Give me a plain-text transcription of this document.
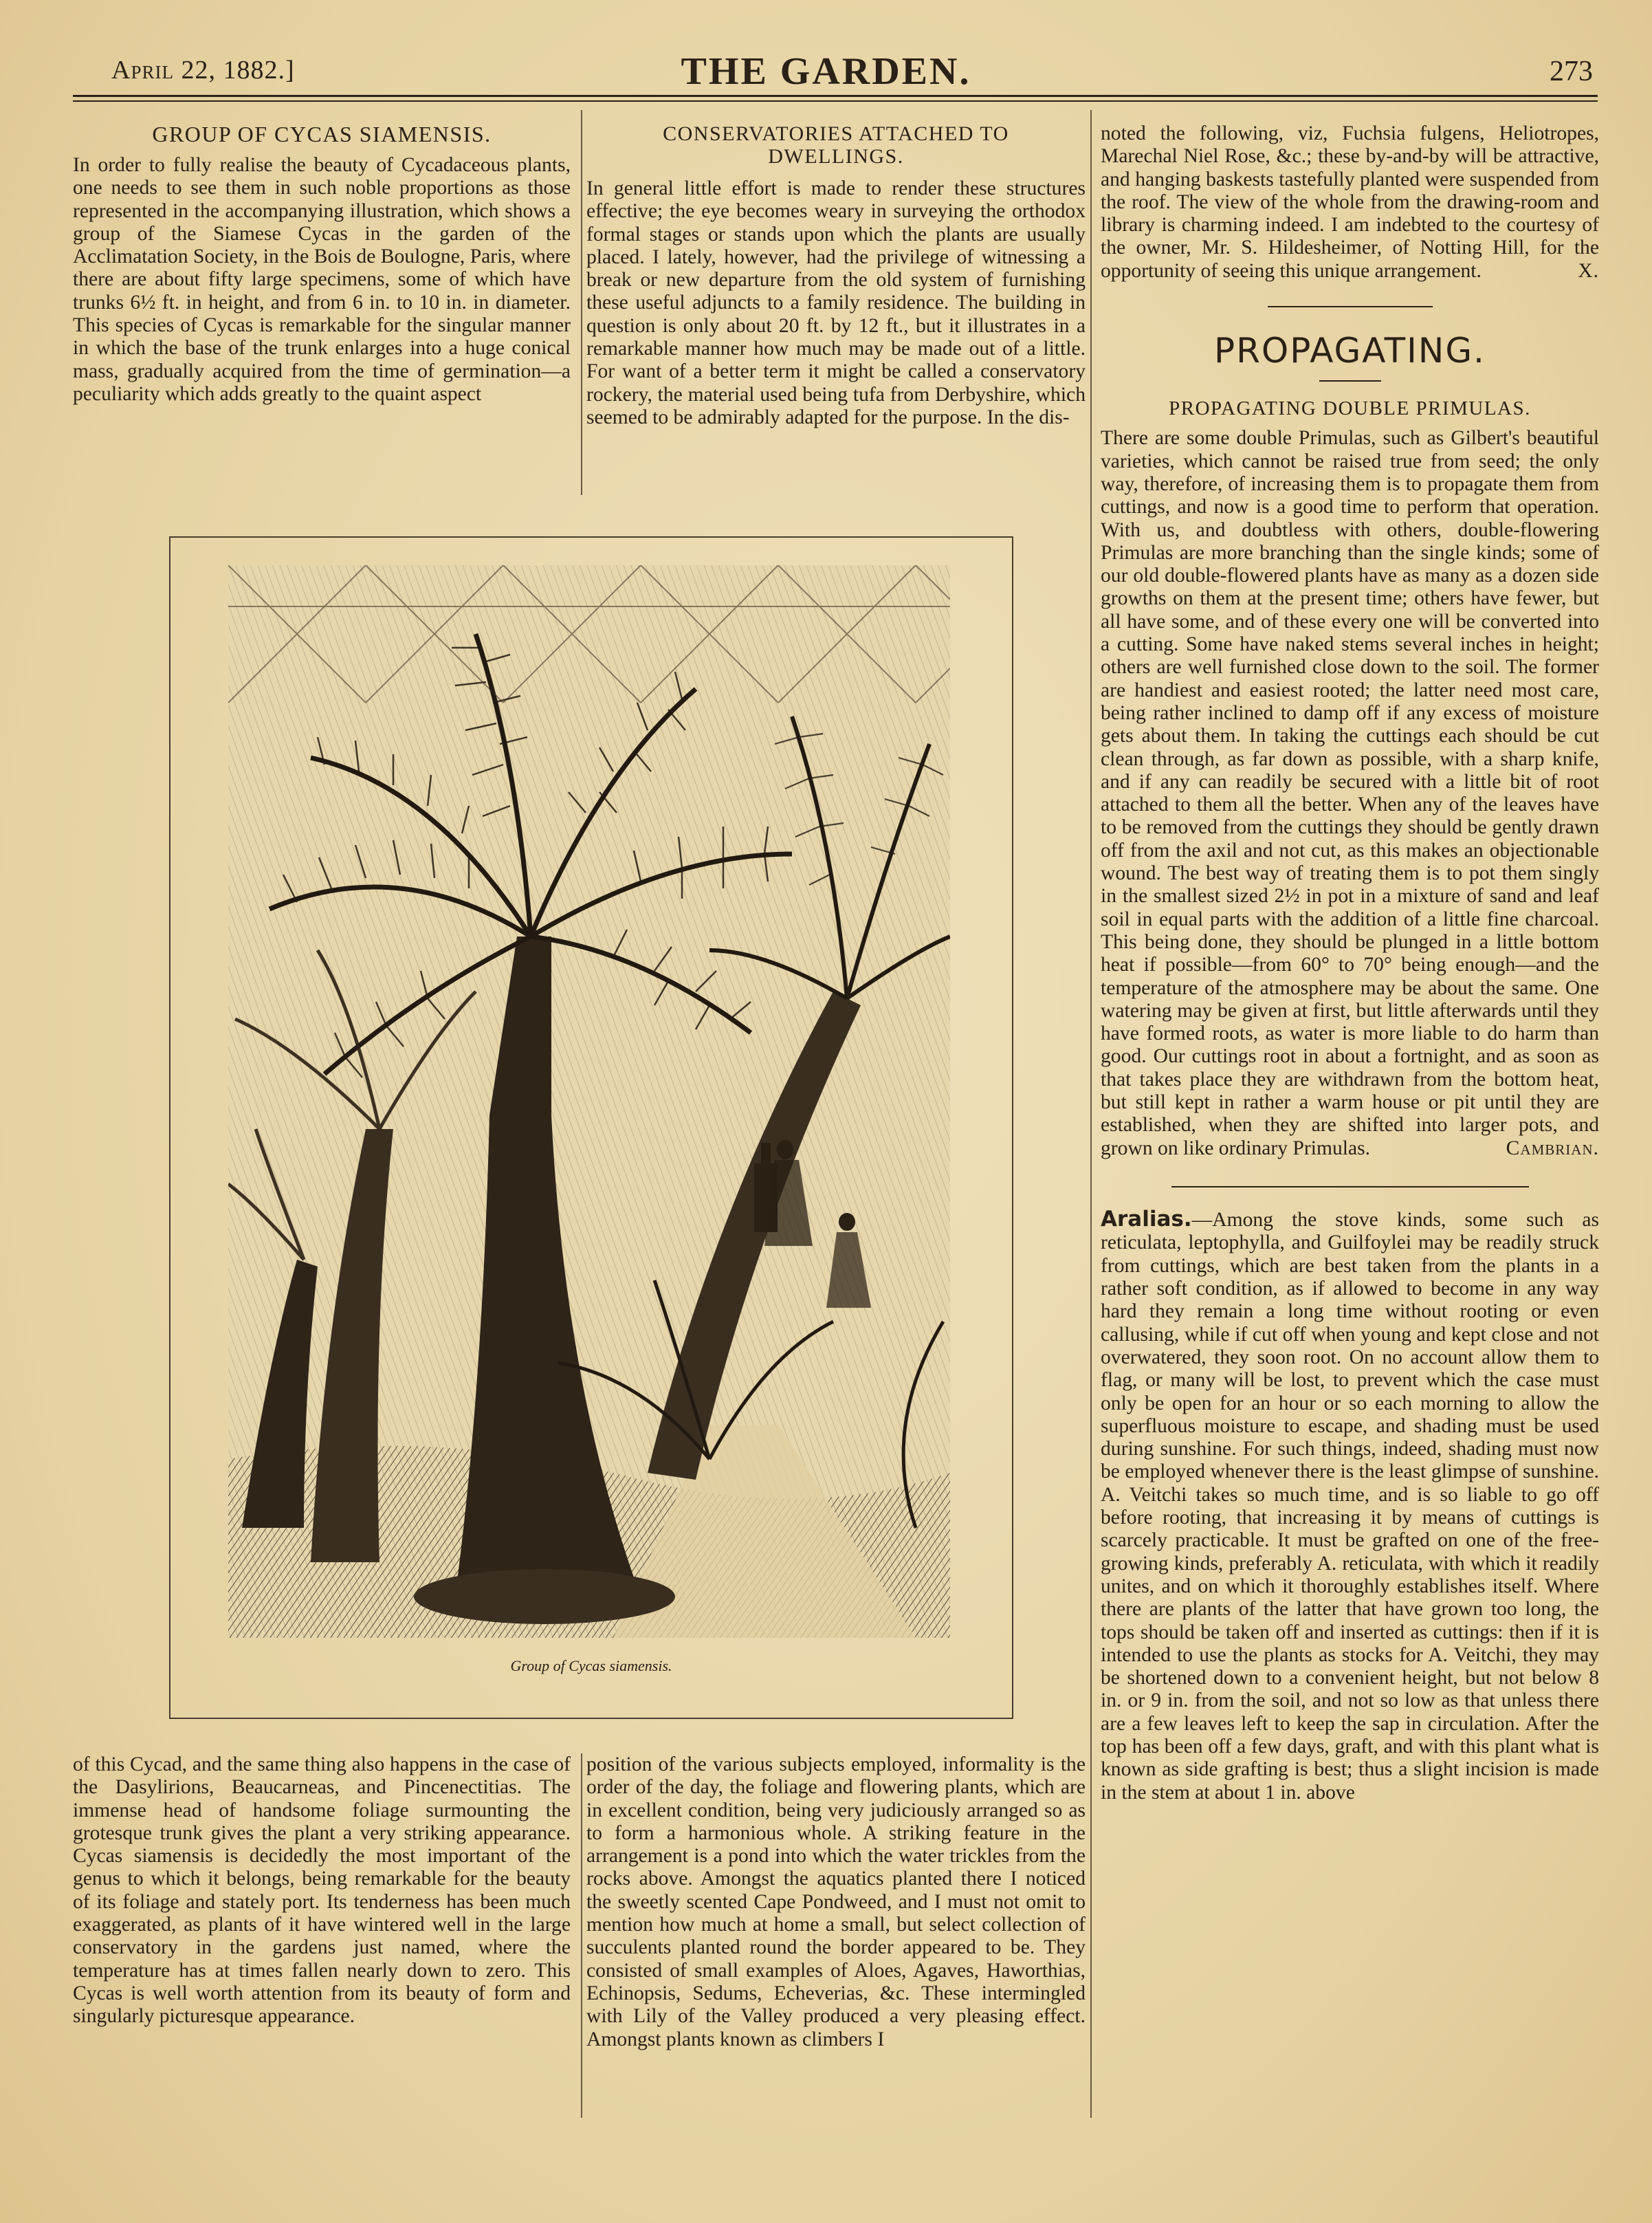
April 22, 1882.]	THE GARDEN.	273
GROUP OF CYCAS SIAMENSIS.
In order to fully realise the beauty of Cycadaceous plants, one needs to see them in such noble proportions as those represented in the accompanying illustration, which shows a group of the Siamese Cycas in the garden of the Acclimatation Society, in the Bois de Boulogne, Paris, where there are about fifty large specimens, some of which have trunks 6½ ft. in height, and from 6 in. to 10 in. in diameter. This species of Cycas is remarkable for the singular manner in which the base of the trunk enlarges into a huge conical mass, gradually acquired from the time of germination—a peculiarity which adds greatly to the quaint aspect
CONSERVATORIES ATTACHED TO DWELLINGS.
In general little effort is made to render these structures effective; the eye becomes weary in surveying the orthodox formal stages or stands upon which the plants are usually placed. I lately, however, had the privilege of witnessing a break or new departure from the old system of furnishing these useful adjuncts to a family residence. The building in question is only about 20 ft. by 12 ft., but it illustrates in a remarkable manner how much may be made out of a little. For want of a better term it might be called a conservatory rockery, the material used being tufa from Derbyshire, which seemed to be admirably adapted for the purpose. In the dis-
Group of Cycas siamensis.
of this Cycad, and the same thing also happens in the case of the Dasylirions, Beaucarneas, and Pincenectitias. The immense head of handsome foliage surmounting the grotesque trunk gives the plant a very striking appearance. Cycas siamensis is decidedly the most important of the genus to which it belongs, being remarkable for the beauty of its foliage and stately port. Its tenderness has been much exaggerated, as plants of it have wintered well in the large conservatory in the gardens just named, where the temperature has at times fallen nearly down to zero. This Cycas is well worth attention from its beauty of form and singularly picturesque appearance.
position of the various subjects employed, informality is the order of the day, the foliage and flowering plants, which are in excellent condition, being very judiciously arranged so as to form a harmonious whole. A striking feature in the arrangement is a pond into which the water trickles from the rocks above. Amongst the aquatics planted there I noticed the sweetly scented Cape Pondweed, and I must not omit to mention how much at home a small, but select collection of succulents planted round the border appeared to be. They consisted of small examples of Aloes, Agaves, Haworthias, Echinopsis, Sedums, Echeverias, &c. These intermingled with Lily of the Valley produced a very pleasing effect. Amongst plants known as climbers I
noted the following, viz, Fuchsia fulgens, Heliotropes, Marechal Niel Rose, &c.; these by-and-by will be attractive, and hanging baskests tastefully planted were suspended from the roof. The view of the whole from the drawing-room and library is charming indeed. I am indebted to the courtesy of the owner, Mr. S. Hildesheimer, of Notting Hill, for the opportunity of seeing this unique arrangement.	X.
PROPAGATING.
PROPAGATING DOUBLE PRIMULAS.
There are some double Primulas, such as Gilbert's beautiful varieties, which cannot be raised true from seed; the only way, therefore, of increasing them is to propagate them from cuttings, and now is a good time to perform that operation. With us, and doubtless with others, double-flowering Primulas are more branching than the single kinds; some of our old double-flowered plants have as many as a dozen side growths on them at the present time; others have fewer, but all have some, and of these every one will be converted into a cutting. Some have naked stems several inches in height; others are well furnished close down to the soil. The former are handiest and easiest rooted; the latter need most care, being rather inclined to damp off if any excess of moisture gets about them. In taking the cuttings each should be cut clean through, as far down as possible, with a sharp knife, and if any can readily be secured with a little bit of root attached to them all the better. When any of the leaves have to be removed from the cuttings they should be gently drawn off from the axil and not cut, as this makes an objectionable wound. The best way of treating them is to pot them singly in the smallest sized 2½ in pot in a mixture of sand and leaf soil in equal parts with the addition of a little fine charcoal. This being done, they should be plunged in a little bottom heat if possible—from 60° to 70° being enough—and the temperature of the atmosphere may be about the same. One watering may be given at first, but little afterwards until they have formed roots, as water is more liable to do harm than good. Our cuttings root in about a fortnight, and as soon as that takes place they are withdrawn from the bottom heat, but still kept in rather a warm house or pit until they are established, when they are shifted into larger pots, and grown on like ordinary Primulas.	Cambrian.
Aralias.—Among the stove kinds, some such as reticulata, leptophylla, and Guilfoylei may be readily struck from cuttings, which are best taken from the plants in a rather soft condition, as if allowed to become in any way hard they remain a long time without rooting or even callusing, while if cut off when young and kept close and not overwatered, they soon root. On no account allow them to flag, or many will be lost, to prevent which the case must only be open for an hour or so each morning to allow the superfluous moisture to escape, and shading must be used during sunshine. For such things, indeed, shading must now be employed whenever there is the least glimpse of sunshine. A. Veitchi takes so much time, and is so liable to go off before rooting, that increasing it by means of cuttings is scarcely practicable. It must be grafted on one of the free-growing kinds, preferably A. reticulata, with which it readily unites, and on which it thoroughly establishes itself. Where there are plants of the latter that have grown too long, the tops should be taken off and inserted as cuttings: then if it is intended to use the plants as stocks for A. Veitchi, they may be shortened down to a convenient height, but not below 8 in. or 9 in. from the soil, and not so low as that unless there are a few leaves left to keep the sap in circulation. After the top has been off a few days, graft, and with this plant what is known as side grafting is best; thus a slight incision is made in the stem at about 1 in. above
